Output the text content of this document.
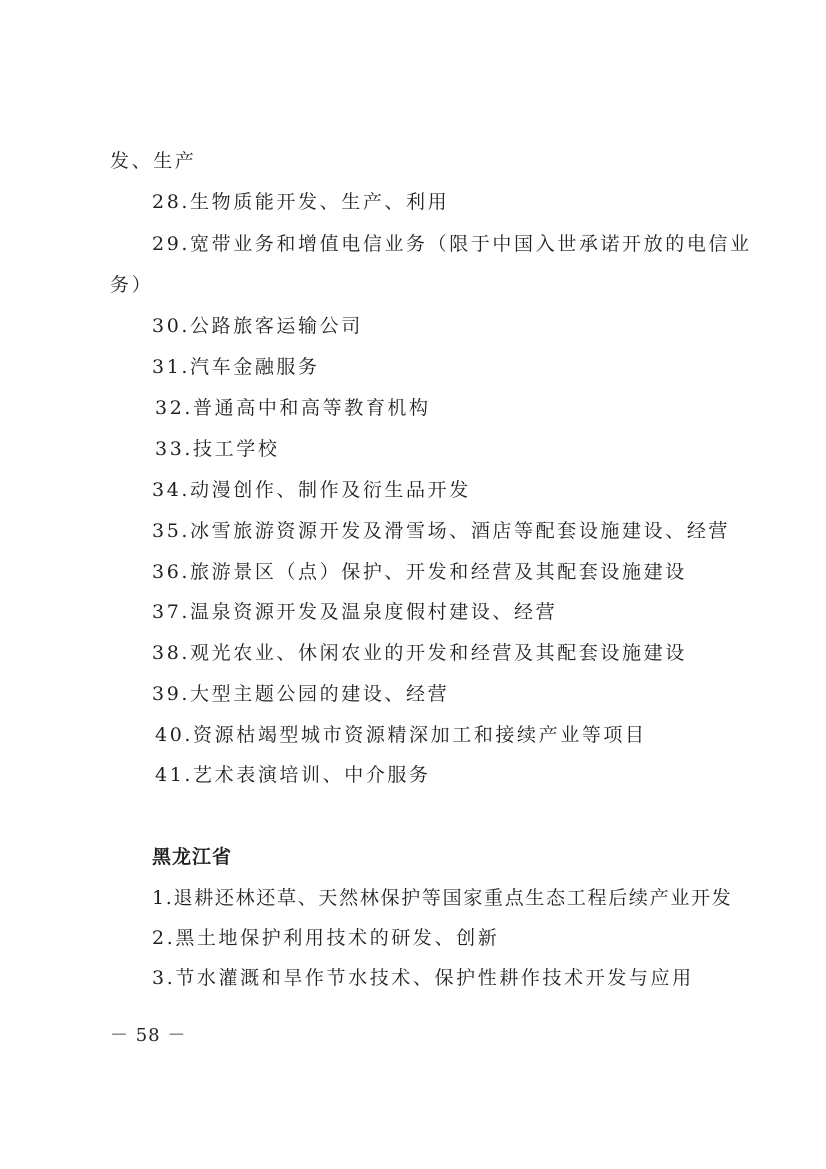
发、生产
28.生物质能开发、生产、利用
29.宽带业务和增值电信业务（限于中国入世承诺开放的电信业
务）
30.公路旅客运输公司
31.汽车金融服务
32.普通高中和高等教育机构
33.技工学校
34.动漫创作、制作及衍生品开发
35.冰雪旅游资源开发及滑雪场、酒店等配套设施建设、经营
36.旅游景区（点）保护、开发和经营及其配套设施建设
37.温泉资源开发及温泉度假村建设、经营
38.观光农业、休闲农业的开发和经营及其配套设施建设
39.大型主题公园的建设、经营
40.资源枯竭型城市资源精深加工和接续产业等项目
41.艺术表演培训、中介服务
黑龙江省
1.退耕还林还草、天然林保护等国家重点生态工程后续产业开发
2.黑土地保护利用技术的研发、创新
3.节水灌溉和旱作节水技术、保护性耕作技术开发与应用
－ 58 －
